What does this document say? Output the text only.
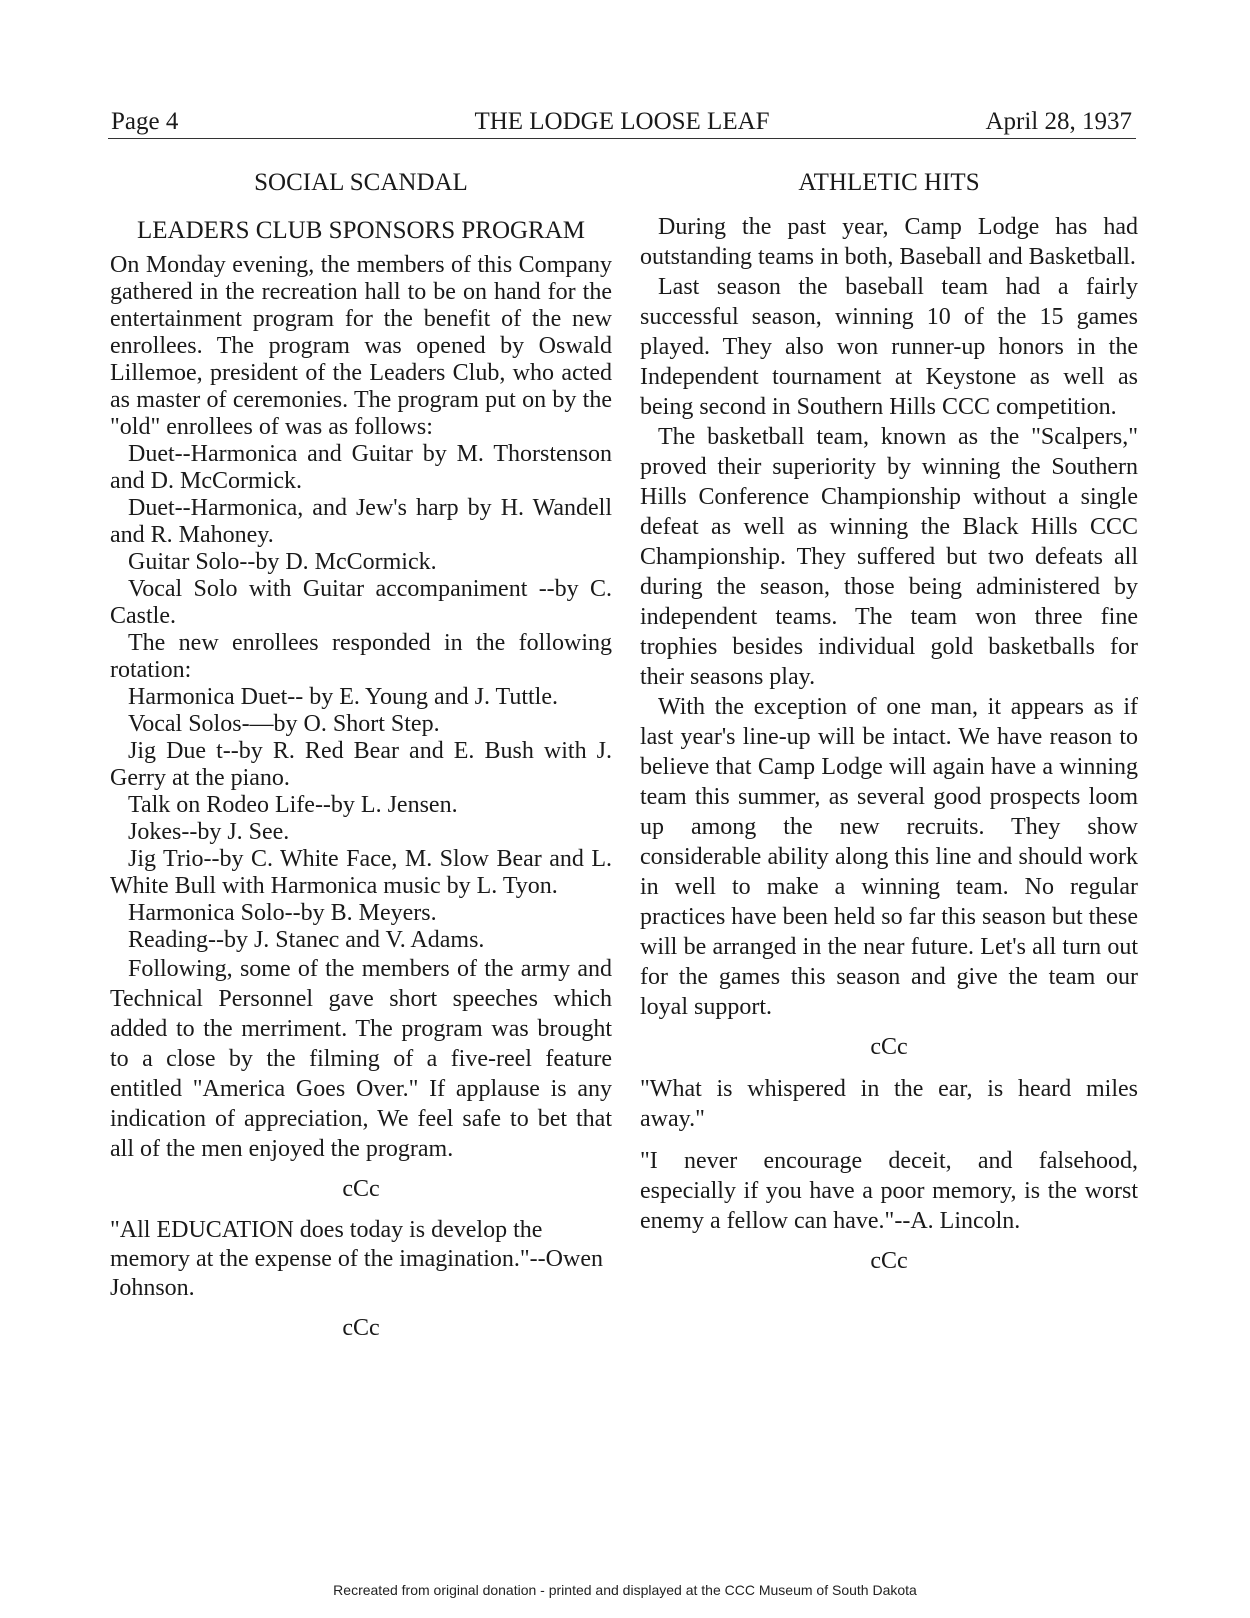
Page 4	THE LODGE LOOSE LEAF	April 28, 1937
SOCIAL SCANDAL
LEADERS CLUB SPONSORS PROGRAM

On Monday evening, the members of this Company gathered in the recreation hall to be on hand for the entertainment program for the benefit of the new enrollees. The program was opened by Oswald Lillemoe, president of the Leaders Club, who acted as master of ceremonies. The program put on by the "old" enrollees of was as follows:

Duet--Harmonica and Guitar by M. Thorstenson and D. McCormick.

Duet--Harmonica, and Jew's harp by H. Wandell and R. Mahoney.

Guitar Solo--by D. McCormick.

Vocal Solo with Guitar accompaniment --by C. Castle.

The new enrollees responded in the following rotation:

Harmonica Duet-- by E. Young and J. Tuttle.

Vocal Solos-—by O. Short Step.

Jig Due t--by R. Red Bear and E. Bush with J. Gerry at the piano.

Talk on Rodeo Life--by L. Jensen.

Jokes--by J. See.

Jig Trio--by C. White Face, M. Slow Bear and L. White Bull with Harmonica music by L. Tyon.

Harmonica Solo--by B. Meyers.

Reading--by J. Stanec and V. Adams.

Following, some of the members of the army and Technical Personnel gave short speeches which added to the merriment. The program was brought to a close by the filming of a five-reel feature entitled "America Goes Over." If applause is any indication of appreciation, We feel safe to bet that all of the men enjoyed the program.

cCc

"All EDUCATION does today is develop the memory at the expense of the imagination."--Owen Johnson.

cCc
ATHLETIC HITS

During the past year, Camp Lodge has had outstanding teams in both, Baseball and Basketball.

Last season the baseball team had a fairly successful season, winning 10 of the 15 games played. They also won runner-up honors in the Independent tournament at Keystone as well as being second in Southern Hills CCC competition.

The basketball team, known as the "Scalpers," proved their superiority by winning the Southern Hills Conference Championship without a single defeat as well as winning the Black Hills CCC Championship. They suffered but two defeats all during the season, those being administered by independent teams. The team won three fine trophies besides individual gold basketballs for their seasons play.

With the exception of one man, it appears as if last year's line-up will be intact. We have reason to believe that Camp Lodge will again have a winning team this summer, as several good prospects loom up among the new recruits. They show considerable ability along this line and should work in well to make a winning team. No regular practices have been held so far this season but these will be arranged in the near future. Let's all turn out for the games this season and give the team our loyal support.

cCc

"What is whispered in the ear, is heard miles away."

"I never encourage deceit, and falsehood, especially if you have a poor memory, is the worst enemy a fellow can have."--A. Lincoln.

cCc
Recreated from original donation - printed and displayed at the CCC Museum of South Dakota
